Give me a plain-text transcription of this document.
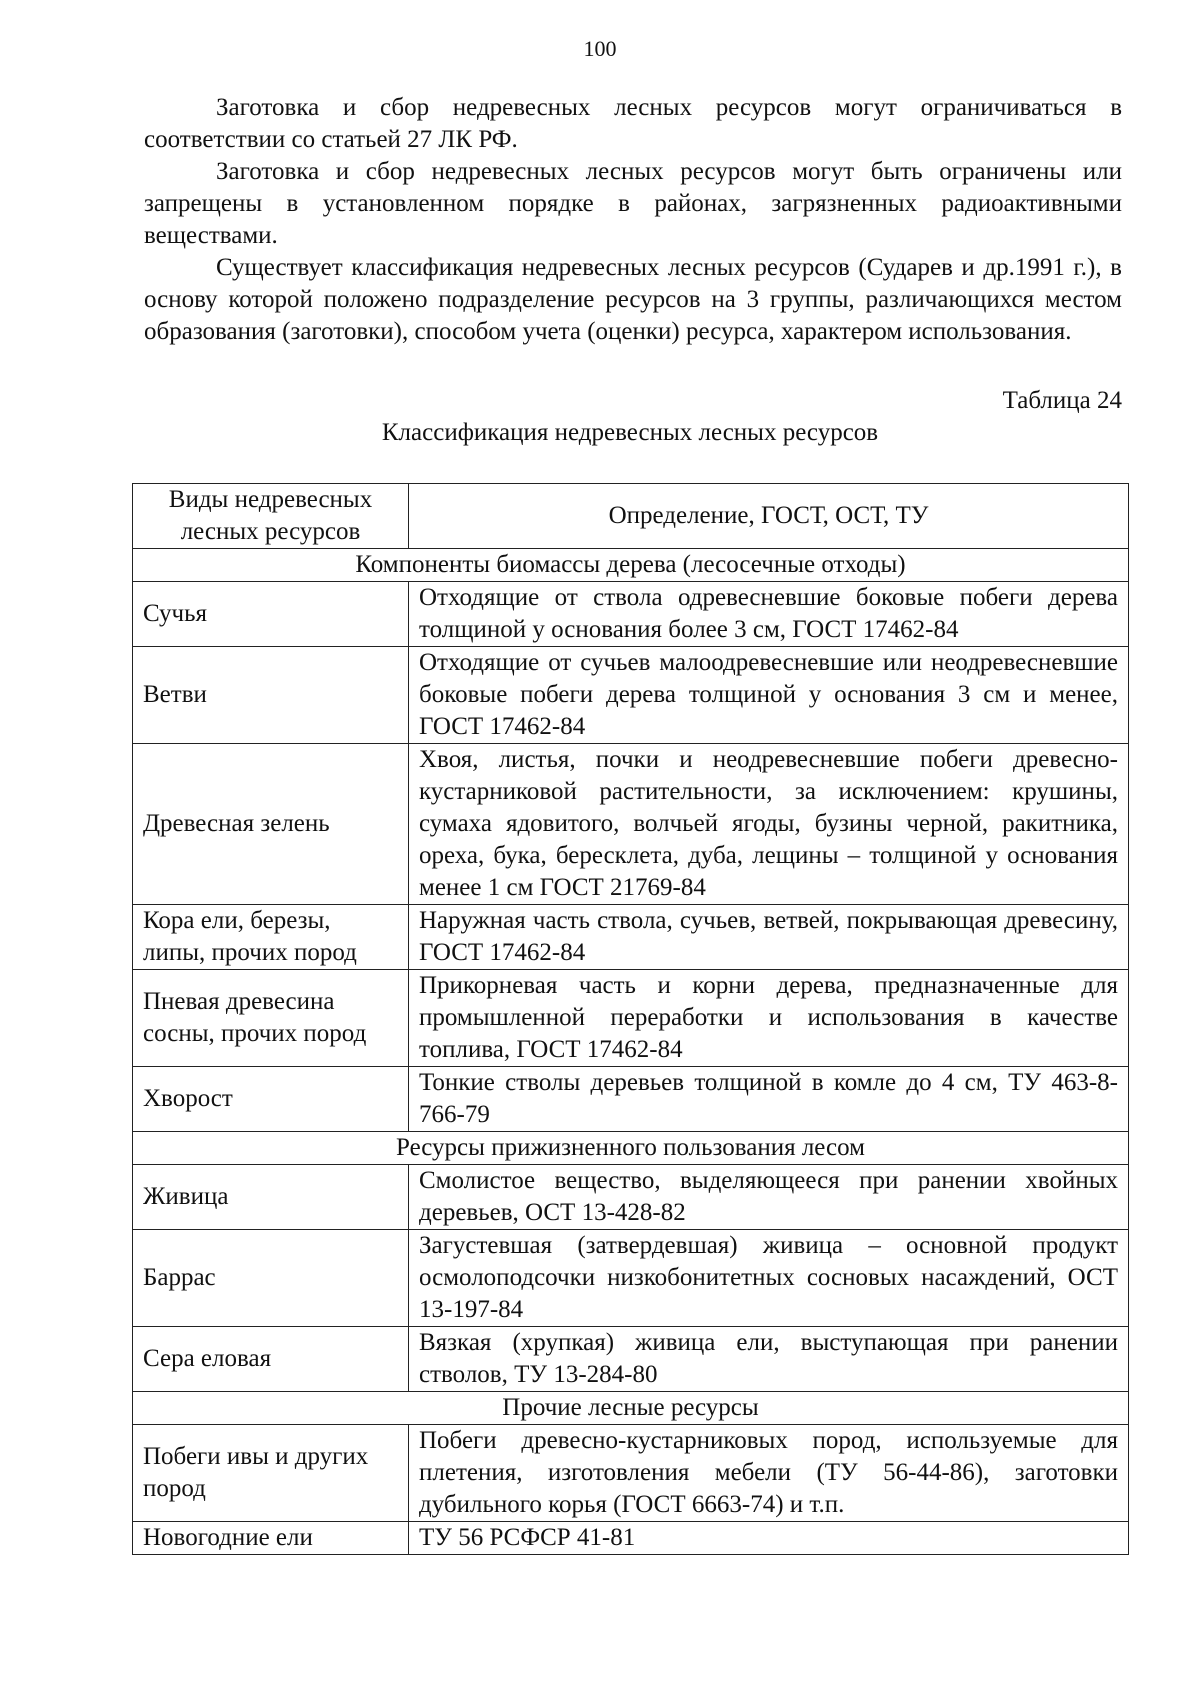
100

Заготовка и сбор недревесных лесных ресурсов могут ограничиваться в соответствии со статьей 27 ЛК РФ.

Заготовка и сбор недревесных лесных ресурсов могут быть ограничены или запрещены в установленном порядке в районах, загрязненных радиоактивными веществами.

Существует классификация недревесных лесных ресурсов (Сударев и др.1991 г.), в основу которой положено подразделение ресурсов на 3 группы, различающихся местом образования (заготовки), способом учета (оценки) ресурса, характером использования.

Таблица 24
Классификация недревесных лесных ресурсов
Виды недревесных лесных ресурсов	Определение, ГОСТ, ОСТ, ТУ
Компоненты биомассы дерева (лесосечные отходы)	
Сучья	Отходящие от ствола одревесневшие боковые побеги дерева толщиной у основания более 3 см, ГОСТ 17462-84
Ветви	Отходящие от сучьев малоодревесневшие или неодревесневшие боковые побеги дерева толщиной у основания 3 см и менее, ГОСТ 17462-84
Древесная зелень	Хвоя, листья, почки и неодревесневшие побеги древесно-кустарниковой растительности, за исключением: крушины, сумаха ядовитого, волчьей ягоды, бузины черной, ракитника, ореха, бука, бересклета, дуба, лещины – толщиной у основания менее 1 см ГОСТ 21769-84
Кора ели, березы, липы, прочих пород	Наружная часть ствола, сучьев, ветвей, покрывающая древесину, ГОСТ 17462-84
Пневая древесина сосны, прочих пород	Прикорневая часть и корни дерева, предназначенные для промышленной переработки и использования в качестве топлива, ГОСТ 17462-84
Хворост	Тонкие стволы деревьев толщиной в комле до 4 см, ТУ 463-8-766-79
Ресурсы прижизненного пользования лесом	
Живица	Смолистое вещество, выделяющееся при ранении хвойных деревьев, ОСТ 13-428-82
Баррас	Загустевшая (затвердевшая) живица – основной продукт осмолоподсочки низкобонитетных сосновых насаждений, ОСТ 13-197-84
Сера еловая	Вязкая (хрупкая) живица ели, выступающая при ранении стволов, ТУ 13-284-80
Прочие лесные ресурсы	
Побеги ивы и других пород	Побеги древесно-кустарниковых пород, используемые для плетения, изготовления мебели (ТУ 56-44-86), заготовки дубильного корья (ГОСТ 6663-74) и т.п.
Новогодние ели	ТУ 56 РСФСР 41-81
